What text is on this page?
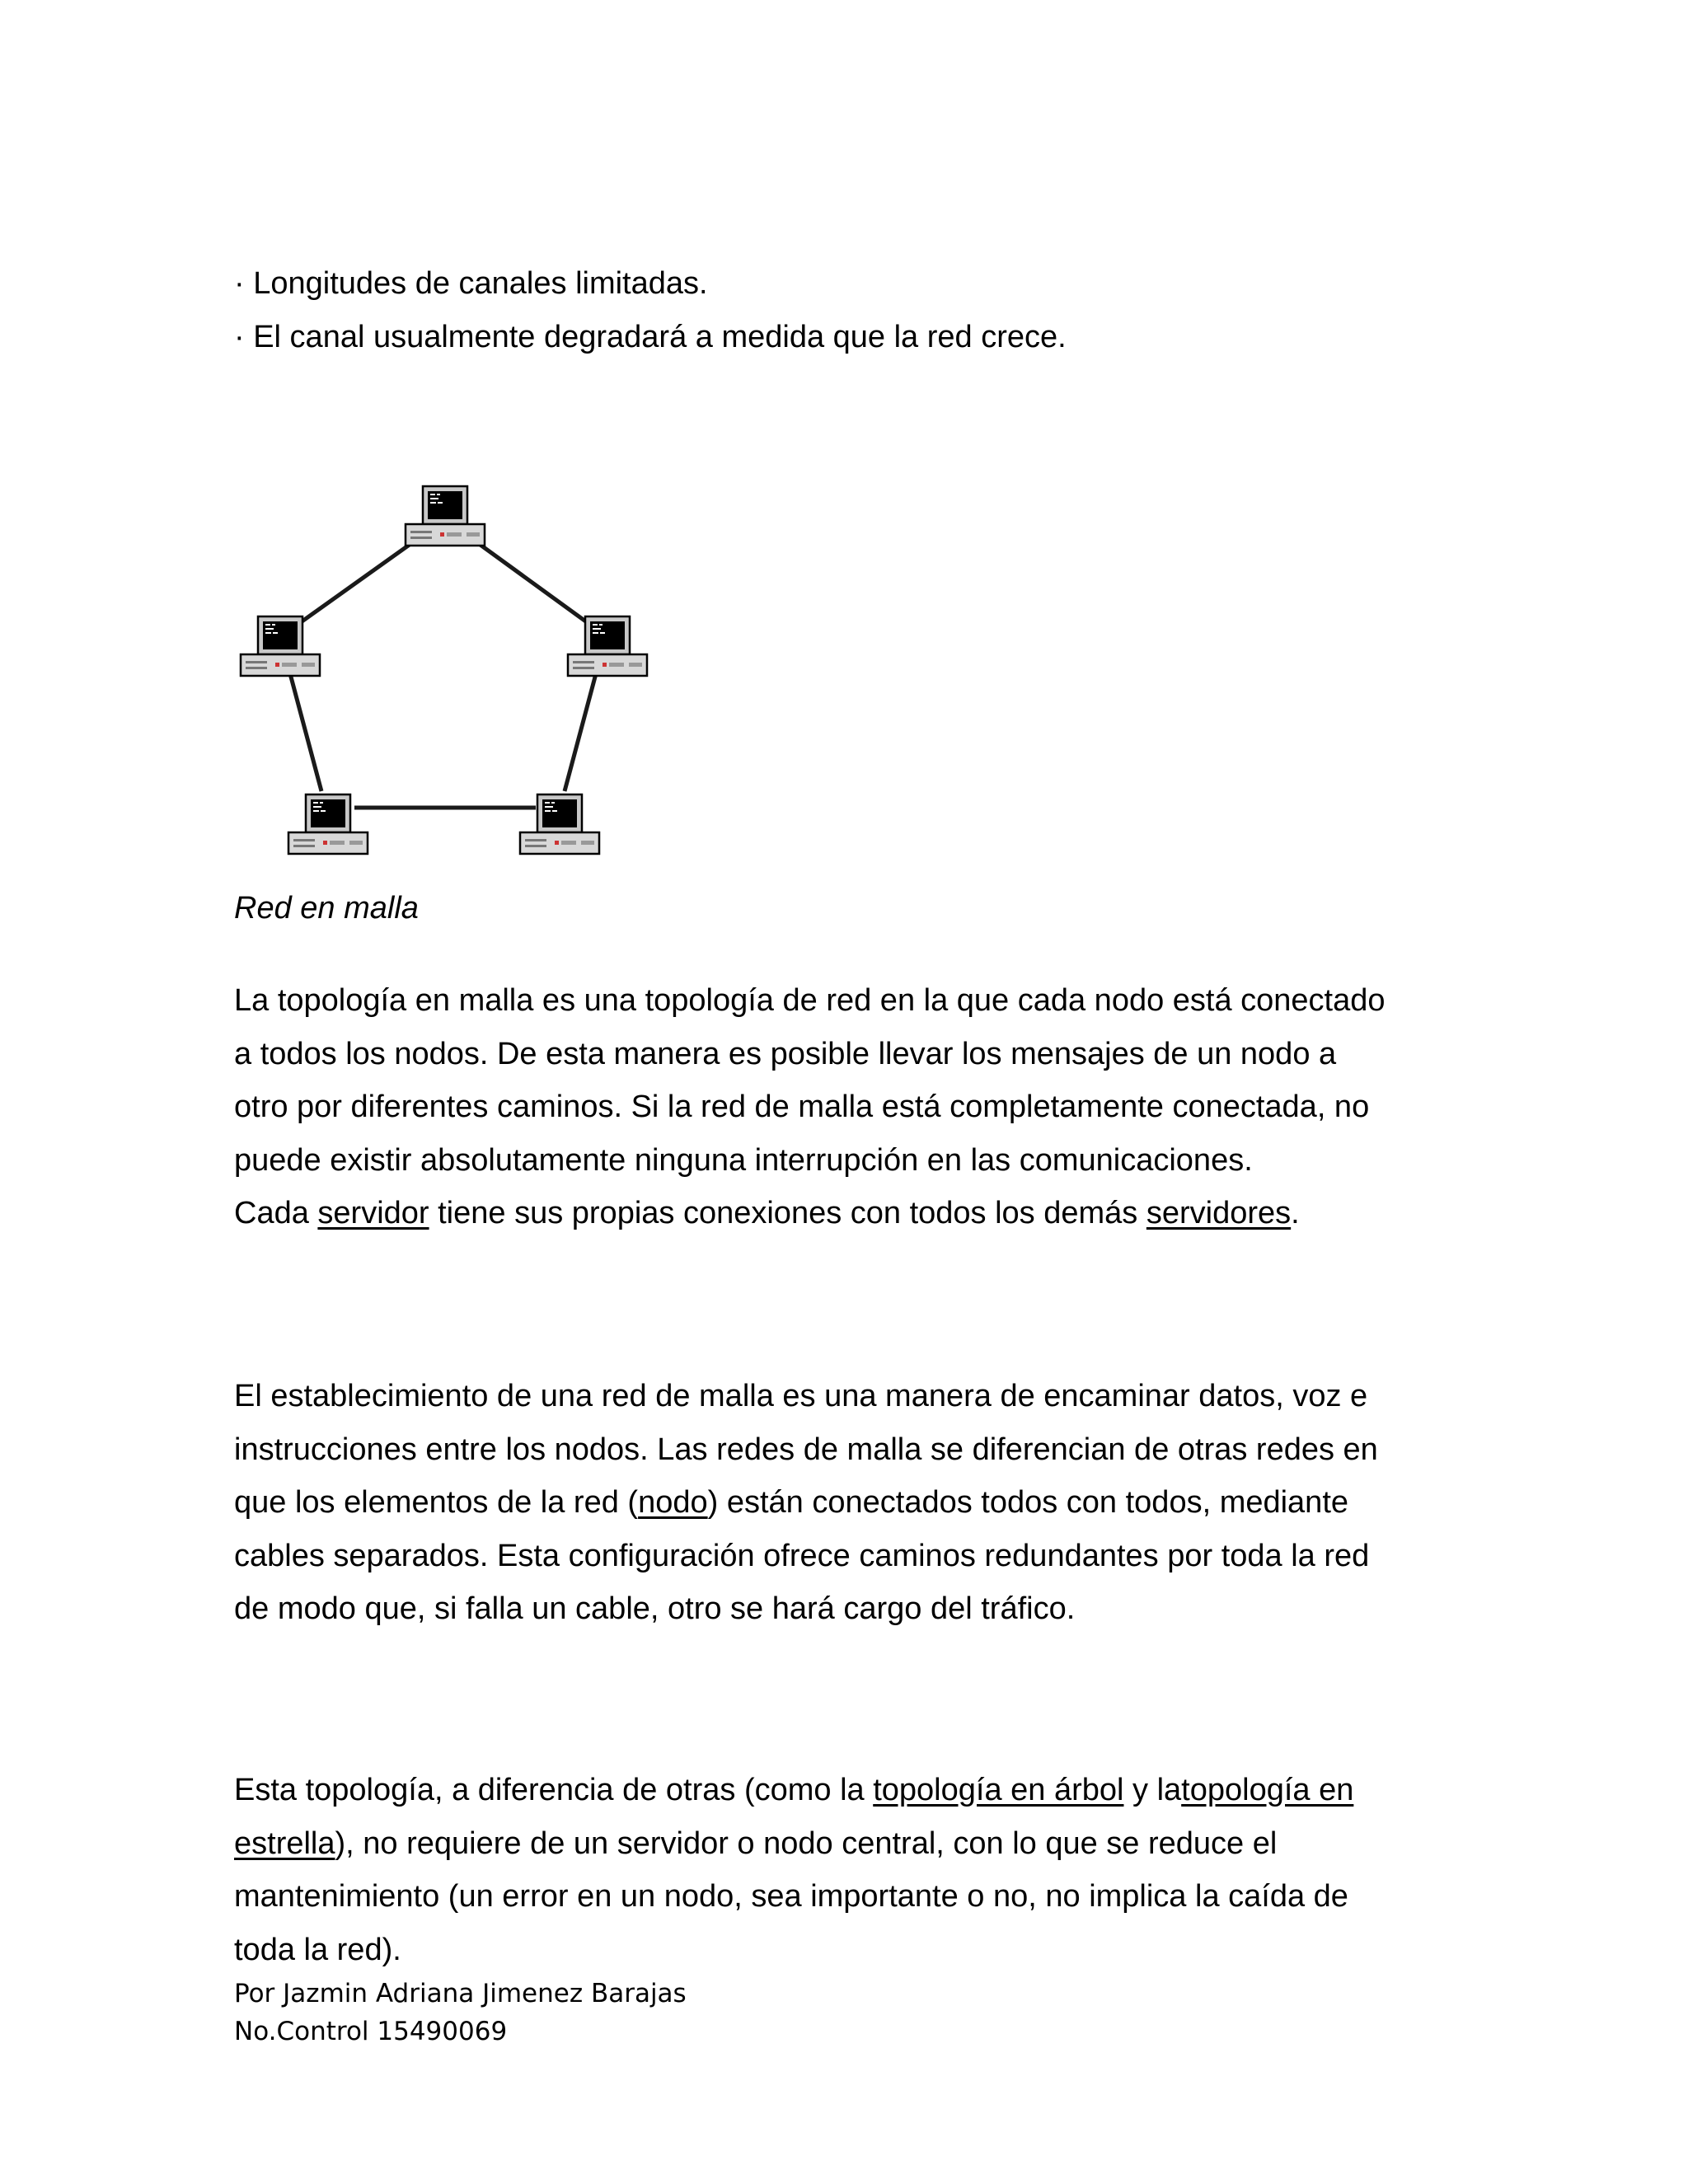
· Longitudes de canales limitadas.
· El canal usualmente degradará a medida que la red crece.
Red en malla
La topología en malla es una topología de red en la que cada nodo está conectado
a todos los nodos. De esta manera es posible llevar los mensajes de un nodo a
otro por diferentes caminos. Si la red de malla está completamente conectada, no
puede existir absolutamente ninguna interrupción en las comunicaciones.
Cada servidor tiene sus propias conexiones con todos los demás servidores.
El establecimiento de una red de malla es una manera de encaminar datos, voz e
instrucciones entre los nodos. Las redes de malla se diferencian de otras redes en
que los elementos de la red (nodo) están conectados todos con todos, mediante
cables separados. Esta configuración ofrece caminos redundantes por toda la red
de modo que, si falla un cable, otro se hará cargo del tráfico.
Esta topología, a diferencia de otras (como la topología en árbol y latopología en
estrella), no requiere de un servidor o nodo central, con lo que se reduce el
mantenimiento (un error en un nodo, sea importante o no, no implica la caída de
toda la red).
Por Jazmin Adriana Jimenez Barajas
No.Control 15490069
